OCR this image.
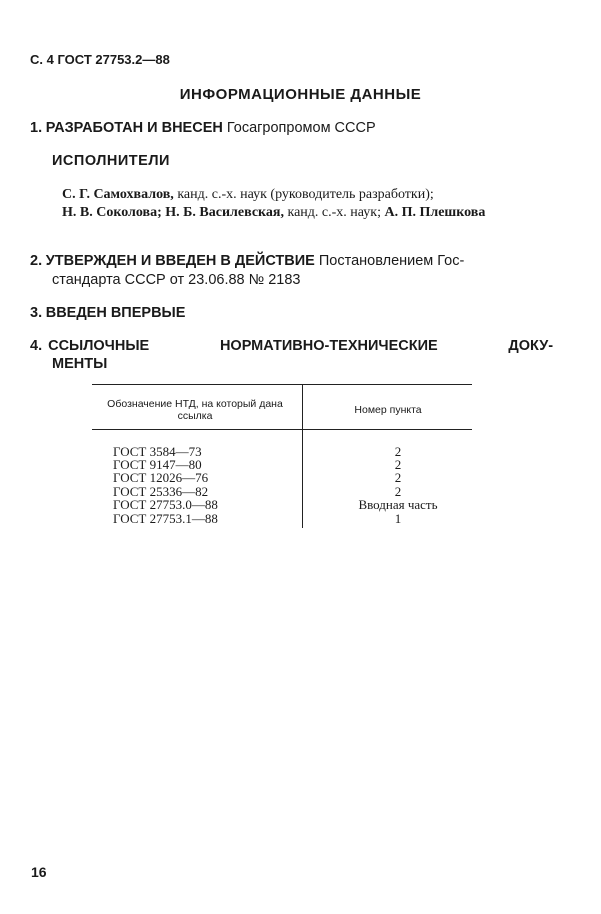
С. 4 ГОСТ 27753.2—88
ИНФОРМАЦИОННЫЕ ДАННЫЕ
1. РАЗРАБОТАН И ВНЕСЕН Госагропромом СССР
ИСПОЛНИТЕЛИ
С. Г. Самохвалов, канд. с.-х. наук (руководитель разработки);
Н. В. Соколова; Н. Б. Василевская, канд. с.-х. наук; А. П. Плешкова
2. УТВЕРЖДЕН И ВВЕДЕН В ДЕЙСТВИЕ Постановлением Гос-
стандарта СССР от 23.06.88 № 2183
3. ВВЕДЕН ВПЕРВЫЕ
4. ССЫЛОЧНЫЕ	НОРМАТИВНО-ТЕХНИЧЕСКИЕ	ДОКУ-
МЕНТЫ
Обозначение НТД, на который дана ссылка	Номер пункта
ГОСТ 3584—73	2
ГОСТ 9147—80	2
ГОСТ 12026—76	2
ГОСТ 25336—82	2
ГОСТ 27753.0—88	Вводная часть
ГОСТ 27753.1—88	1
16
